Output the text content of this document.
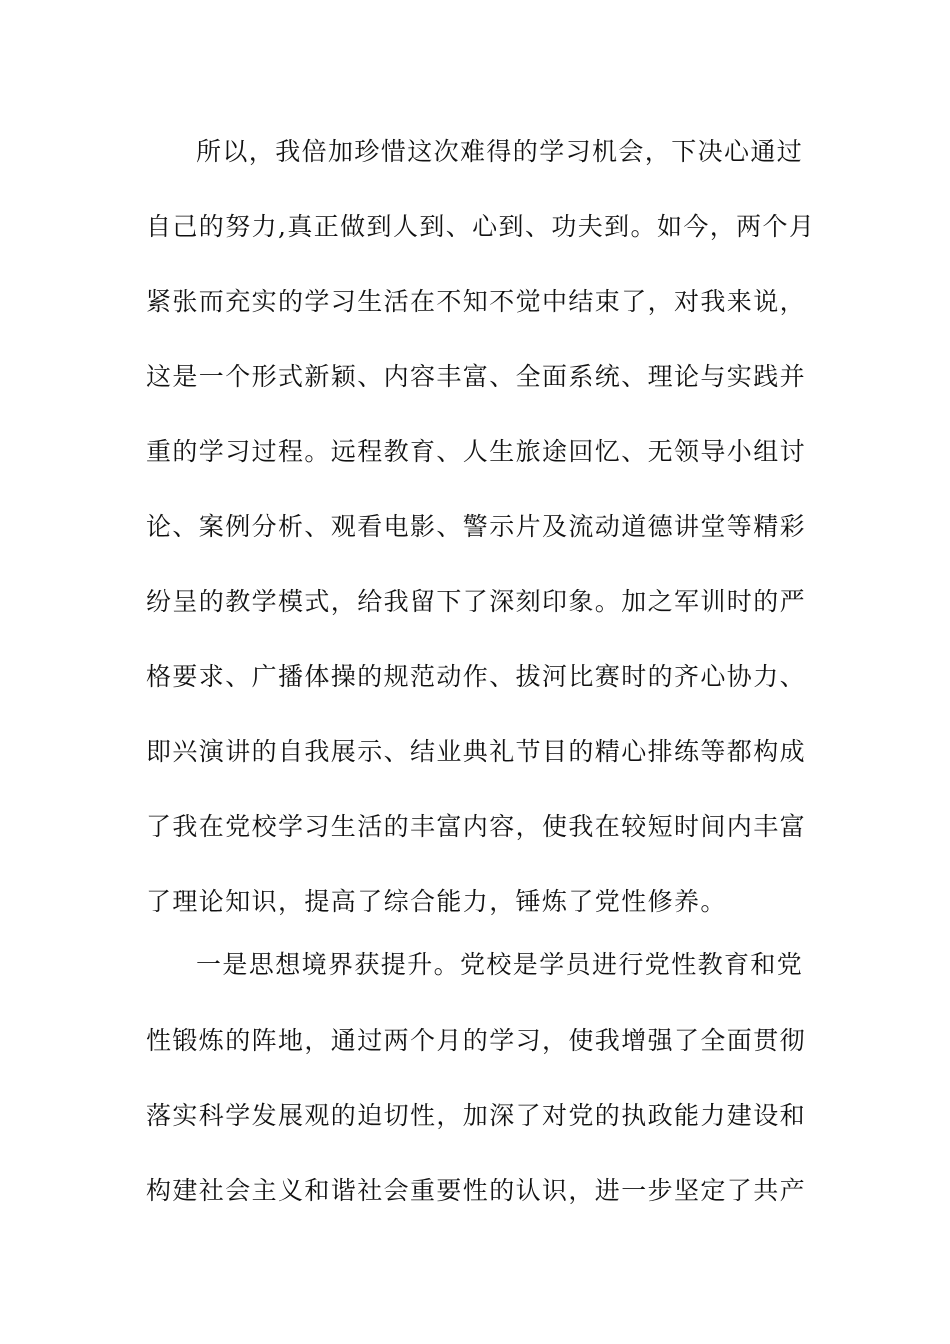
所以，我倍加珍惜这次难得的学习机会，下决心通过
自己的努力,真正做到人到、心到、功夫到。如今，两个月
紧张而充实的学习生活在不知不觉中结束了，对我来说，
这是一个形式新颖、内容丰富、全面系统、理论与实践并
重的学习过程。远程教育、人生旅途回忆、无领导小组讨
论、案例分析、观看电影、警示片及流动道德讲堂等精彩
纷呈的教学模式，给我留下了深刻印象。加之军训时的严
格要求、广播体操的规范动作、拔河比赛时的齐心协力、
即兴演讲的自我展示、结业典礼节目的精心排练等都构成
了我在党校学习生活的丰富内容，使我在较短时间内丰富
了理论知识，提高了综合能力，锤炼了党性修养。
一是思想境界获提升。党校是学员进行党性教育和党
性锻炼的阵地，通过两个月的学习，使我增强了全面贯彻
落实科学发展观的迫切性，加深了对党的执政能力建设和
构建社会主义和谐社会重要性的认识，进一步坚定了共产
